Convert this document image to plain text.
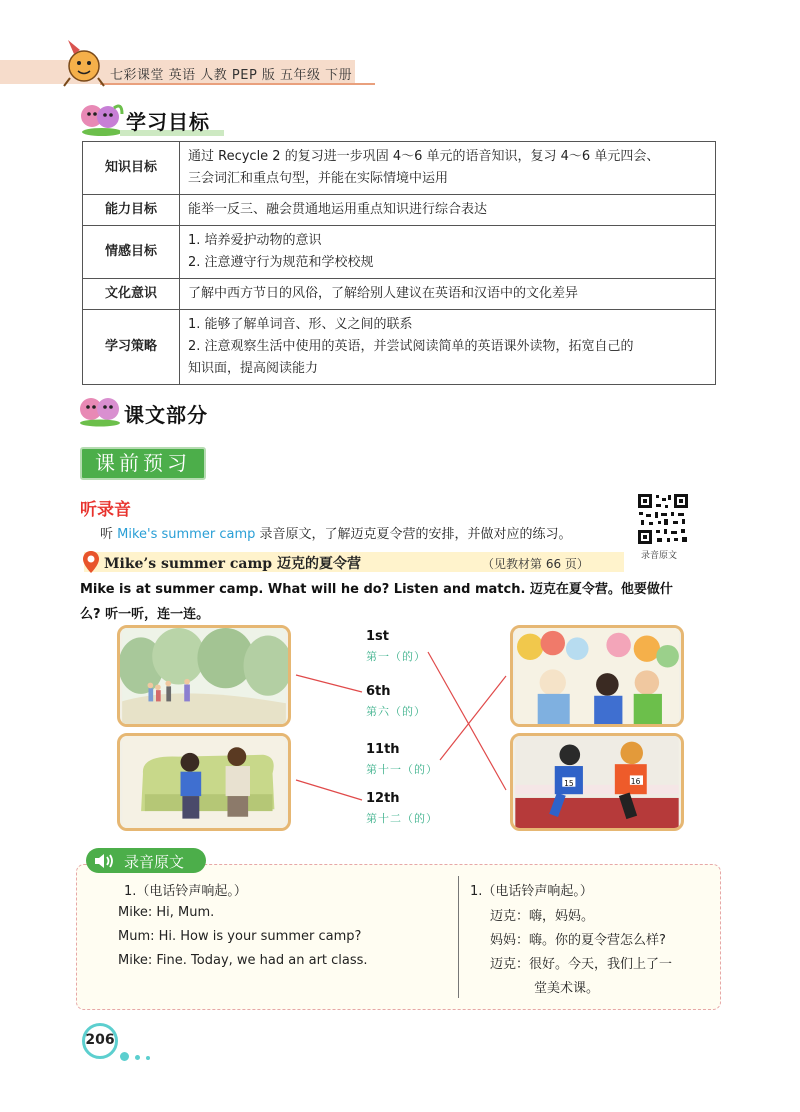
七彩课堂 英语 人教 PEP 版 五年级 下册
学习目标
知识目标	通过 Recycle 2 的复习进一步巩固 4～6 单元的语音知识，复习 4～6 单元四会、
三会词汇和重点句型，并能在实际情境中运用

能力目标	能举一反三、融会贯通地运用重点知识进行综合表达

情感目标	1. 培养爱护动物的意识
2. 注意遵守行为规范和学校校规

文化意识	了解中西方节日的风俗，了解给别人建议在英语和汉语中的文化差异

学习策略	1. 能够了解单词音、形、义之间的联系
2. 注意观察生活中使用的英语，并尝试阅读简单的英语课外读物，拓宽自己的
知识面，提高阅读能力
课文部分
课前预习
听录音
听 Mike's summer camp 录音原文，了解迈克夏令营的安排，并做对应的练习。
录音原文
Mike’s summer camp 迈克的夏令营	（见教材第 66 页）
Mike is at summer camp. What will he do? Listen and match. 迈克在夏令营。他要做什
么? 听一听，连一连。
15	16
1st
第一（的）
6th
第六（的）
11th
第十一（的）
12th
第十二（的）
录音原文
1.（电话铃声响起。）
Mike: Hi, Mum.
Mum: Hi. How is your summer camp?
Mike: Fine. Today, we had an art class.
1.（电话铃声响起。）
迈克：嗨，妈妈。
妈妈：嗨。你的夏令营怎么样?
迈克：很好。今天，我们上了一
堂美术课。
206
